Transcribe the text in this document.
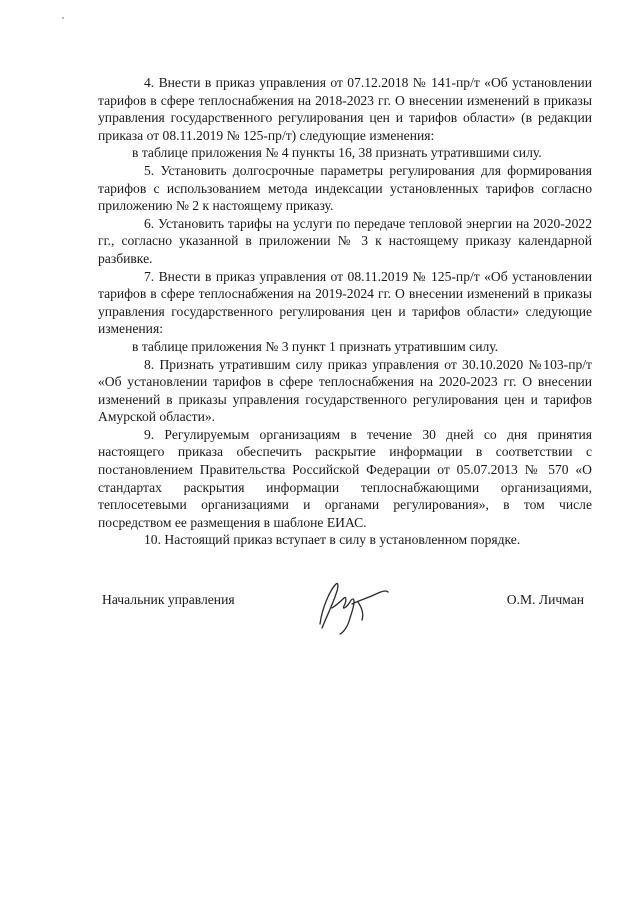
4. Внести в приказ управления от 07.12.2018 № 141-пр/т «Об установлении тарифов в сфере теплоснабжения на 2018-2023 гг. О внесении изменений в приказы управления государственного регулирования цен и тарифов области» (в редакции приказа от 08.11.2019 № 125-пр/т) следующие изменения:

в таблице приложения № 4 пункты 16, 38 признать утратившими силу.

5. Установить долгосрочные параметры регулирования для формирования тарифов с использованием метода индексации установленных тарифов согласно приложению № 2 к настоящему приказу.

6. Установить тарифы на услуги по передаче тепловой энергии на 2020-2022 гг., согласно указанной в приложении № 3 к настоящему приказу календарной разбивке.

7. Внести в приказ управления от 08.11.2019 № 125-пр/т «Об установлении тарифов в сфере теплоснабжения на 2019-2024 гг. О внесении изменений в приказы управления государственного регулирования цен и тарифов области» следующие изменения:

в таблице приложения № 3 пункт 1 признать утратившим силу.

8. Признать утратившим силу приказ управления от 30.10.2020 №103-пр/т «Об установлении тарифов в сфере теплоснабжения на 2020-2023 гг. О внесении изменений в приказы управления государственного регулирования цен и тарифов Амурской области».

9. Регулируемым организациям в течение 30 дней со дня принятия настоящего приказа обеспечить раскрытие информации в соответствии с постановлением Правительства Российской Федерации от 05.07.2013 № 570 «О стандартах раскрытия информации теплоснабжающими организациями, теплосетевыми организациями и органами регулирования», в том числе посредством ее размещения в шаблоне ЕИАС.

10. Настоящий приказ вступает в силу в установленном порядке.

Начальник управления	О.М. Личман
